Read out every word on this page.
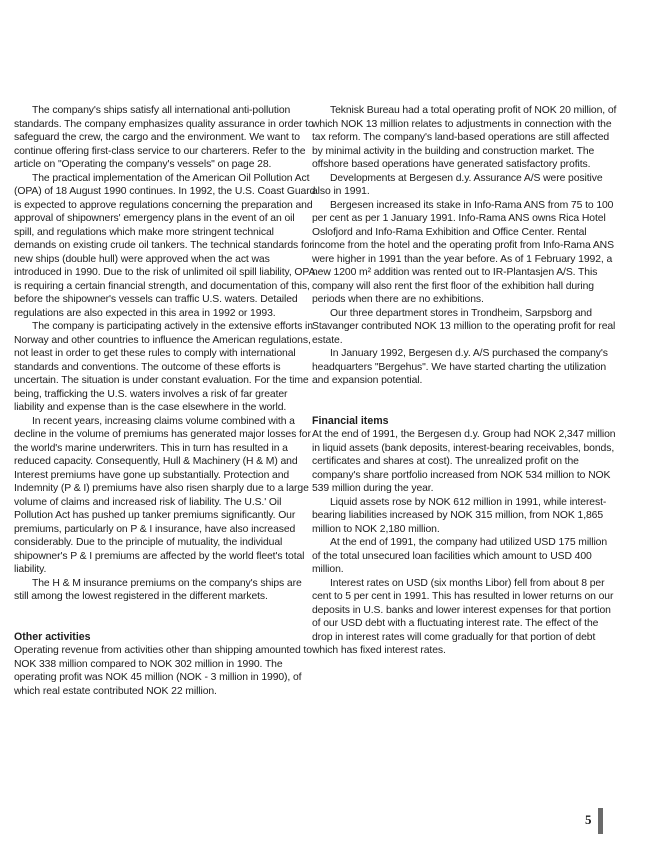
The company's ships satisfy all international anti-pollution standards. The company emphasizes quality assurance in order to safeguard the crew, the cargo and the environment. We want to continue offering first-class service to our charterers. Refer to the article on "Operating the company's vessels" on page 28.

The practical implementation of the American Oil Pollution Act (OPA) of 18 August 1990 continues. In 1992, the U.S. Coast Guard is expected to approve regulations concerning the preparation and approval of shipowners' emergency plans in the event of an oil spill, and regulations which make more stringent technical demands on existing crude oil tankers. The technical standards for new ships (double hull) were approved when the act was introduced in 1990. Due to the risk of unlimited oil spill liability, OPA is requiring a certain financial strength, and documentation of this, before the shipowner's vessels can traffic U.S. waters. Detailed regulations are also expected in this area in 1992 or 1993.

The company is participating actively in the extensive efforts in Norway and other countries to influence the American regulations, not least in order to get these rules to comply with international standards and conventions. The outcome of these efforts is uncertain. The situation is under constant evaluation. For the time being, trafficking the U.S. waters involves a risk of far greater liability and expense than is the case elsewhere in the world.

In recent years, increasing claims volume combined with a decline in the volume of premiums has generated major losses for the world's marine underwriters. This in turn has resulted in a reduced capacity. Consequently, Hull & Machinery (H & M) and Interest premiums have gone up substantially. Protection and Indemnity (P & I) premiums have also risen sharply due to a large volume of claims and increased risk of liability. The U.S.' Oil Pollution Act has pushed up tanker premiums significantly. Our premiums, particularly on P & I insurance, have also increased considerably. Due to the principle of mutuality, the individual shipowner's P & I premiums are affected by the world fleet's total liability.

The H & M insurance premiums on the company's ships are still among the lowest registered in the different markets.

Other activities

Operating revenue from activities other than shipping amounted to NOK 338 million compared to NOK 302 million in 1990. The operating profit was NOK 45 million (NOK - 3 million in 1990), of which real estate contributed NOK 22 million.

Teknisk Bureau had a total operating profit of NOK 20 million, of which NOK 13 million relates to adjustments in connection with the tax reform. The company's land-based operations are still affected by minimal activity in the building and construction market. The offshore based operations have generated satisfactory profits.

Developments at Bergesen d.y. Assurance A/S were positive also in 1991.

Bergesen increased its stake in Info-Rama ANS from 75 to 100 per cent as per 1 January 1991. Info-Rama ANS owns Rica Hotel Oslofjord and Info-Rama Exhibition and Office Center. Rental income from the hotel and the operating profit from Info-Rama ANS were higher in 1991 than the year before. As of 1 February 1992, a new 1200 m² addition was rented out to IR-Plantasjen A/S. This company will also rent the first floor of the exhibition hall during periods when there are no exhibitions.

Our three department stores in Trondheim, Sarpsborg and Stavanger contributed NOK 13 million to the operating profit for real estate.

In January 1992, Bergesen d.y. A/S purchased the company's headquarters "Bergehus". We have started charting the utilization and expansion potential.

Financial items

At the end of 1991, the Bergesen d.y. Group had NOK 2,347 million in liquid assets (bank deposits, interest-bearing receivables, bonds, certificates and shares at cost). The unrealized profit on the company's share portfolio increased from NOK 534 million to NOK 539 million during the year.

Liquid assets rose by NOK 612 million in 1991, while interest-bearing liabilities increased by NOK 315 million, from NOK 1,865 million to NOK 2,180 million.

At the end of 1991, the company had utilized USD 175 million of the total unsecured loan facilities which amount to USD 400 million.

Interest rates on USD (six months Libor) fell from about 8 per cent to 5 per cent in 1991. This has resulted in lower returns on our deposits in U.S. banks and lower interest expenses for that portion of our USD debt with a fluctuating interest rate. The effect of the drop in interest rates will come gradually for that portion of debt which has fixed interest rates.

5
